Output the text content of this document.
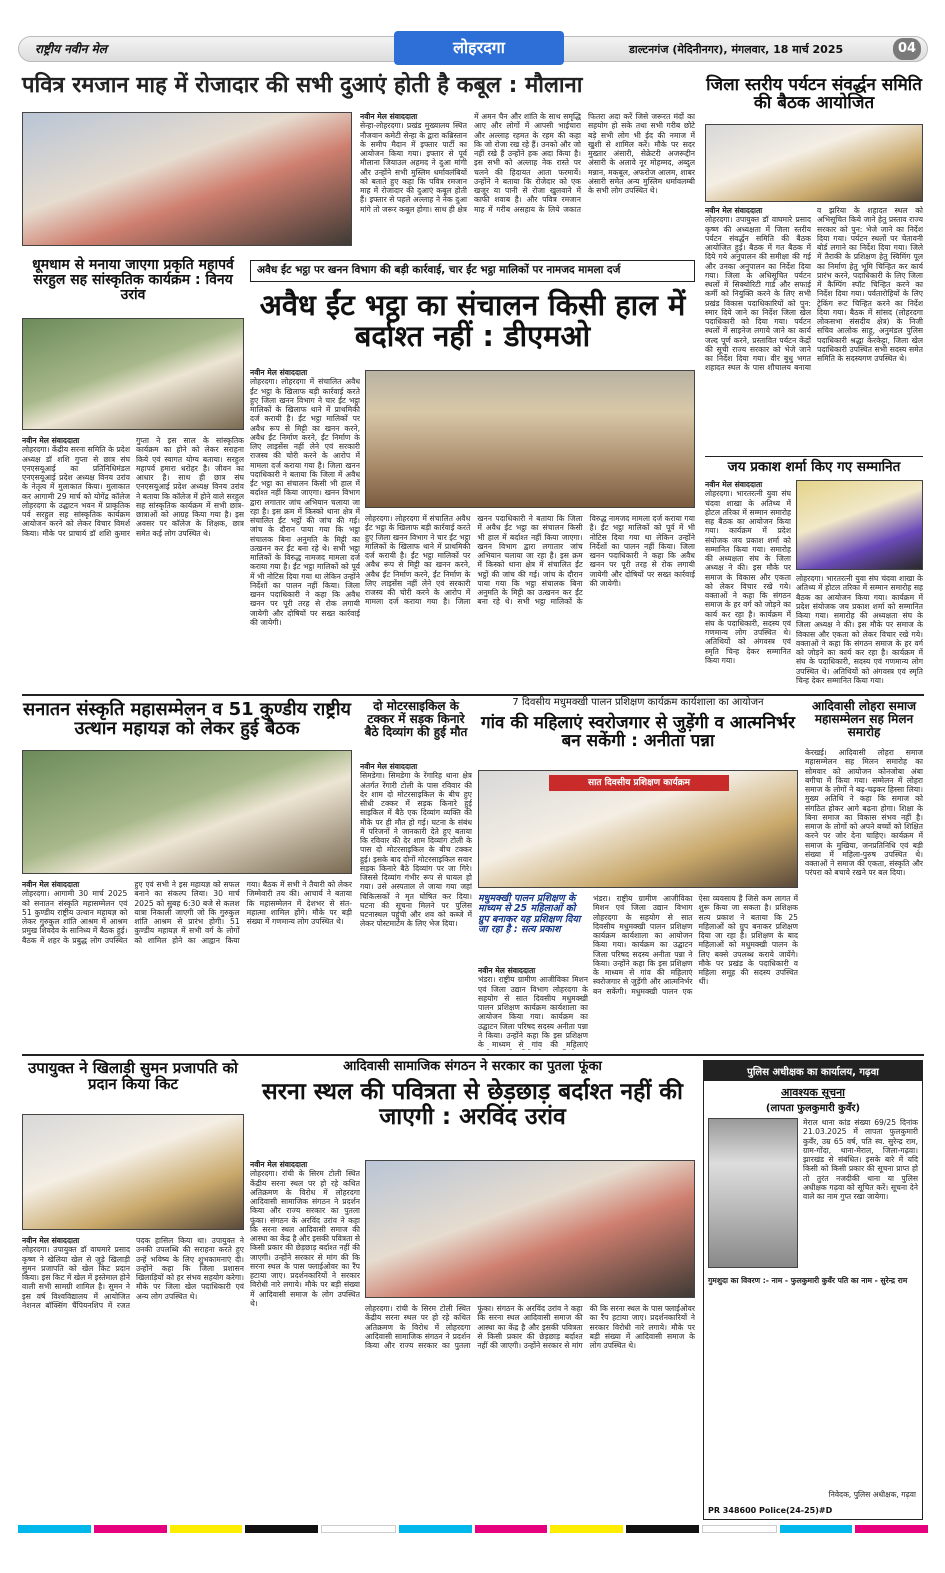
राष्ट्रीय नवीन मेल	लोहरदगा	डाल्टनगंज (मेदिनीनगर), मंगलवार, 18 मार्च 2025	04
पवित्र रमजान माह में रोजादार की सभी दुआएं होती है कबूल : मौलाना
नवीन मेल संवाददाता
सेन्हा-लोहरदगा। प्रखंड मुख्यालय स्थित नौजवान कमेटी सेन्हा के द्वारा कब्रिस्तान के समीप मैदान में इफ्तार पार्टी का आयोजन किया गया। इफ्तार से पूर्व मौलाना जियाउल अहमद ने दुआ मांगी और उन्होंने सभी मुस्लिम धर्मावलंबियों को बताते हुए कहा कि पवित्र रमजान माह में रोजादार की दुआएं कबूल होती हैं। इफ्तार से पहले अल्लाह ने नेक दुआ मांगे तो जरूर कबूल होगा। साथ ही क्षेत्र में अमन चैन और शांति के साथ समृद्धि आए और लोगों में आपसी भाईचारा और अल्लाह रहमत के रहम की कहा कि जो रोजा रख रहे हैं। उनको और जो नहीं रखे हैं उन्होंने हक अदा किया है। इस सभी को अल्लाह नेक रास्ते पर चलने की हिदायत आता फरमायें। उन्होंने ने बताया कि रोजेदार को एक खजूर या पानी से रोजा खुलवाने में काफी शवाब है। और पवित्र रमजान माह में गरीब असहाय के लिये जकात फितरा अदा करें जिसे जरूरत मंदों का सहयोग हो सके तथा सभी गरीब छोटे बड़े सभी लोग भी ईद की नमाज में खुशी से शामिल करें। मौके पर सदर मुख्तार अंसारी, सेक्रेटरी अजरूद्दीन अंसारी के अलावे नूर मोहम्मद, अब्दुल मन्नान, मकबूल, अफरोज आलम, शाबर अंसारी समेत अन्य मुस्लिम धर्मावलम्बी के सभी लोग उपस्थित थे।
जिला स्तरीय पर्यटन संवर्द्धन समिति की बैठक आयोजित
नवीन मेल संवाददाता
लोहरदगा। उपायुक्त डॉ वाघमारे प्रसाद कृष्ण की अध्यक्षता में जिला स्तरीय पर्यटन संवर्द्धन समिति की बैठक आयोजित हुई। बैठक में गत बैठक में दिये गये अनुपालन की समीक्षा की गई और उनका अनुपालन का निर्देश दिया गया। जिला के अधिसूचित पर्यटन स्थलों में सिक्योरिटी गार्ड और सफाई कर्मी को नियुक्ति करने के लिए सभी प्रखंड विकास पदाधिकारियों को पुन: स्मार दिये जाने का निर्देश जिला खेल पदाधिकारी को दिया गया। पर्यटन स्थलों में साइनेज लगाये जाने का कार्य जल्द पूर्ण करने, प्रस्तावित पर्यटन केंद्रों की सूची राज्य सरकार को भेजे जाने का निर्देश दिया गया। वीर बुधु भगत शहादत स्थल के पास शौचालय बनाया व झरिया के शहादत स्थल को अभिसूचित किये जाने हेतु प्रस्ताव राज्य सरकार को पुन: भेजे जाने का निर्देश दिया गया। पर्यटन स्थलों पर चेतावनी बोर्ड लगाने का निर्देश दिया गया। जिले में तैराकी के प्रशिक्षण हेतु स्विमिंग पूल का निर्माण हेतु भूमि चिन्हित कर कार्य प्रारंभ करने, पदाधिकारी के लिए जिला में कैम्पिंग स्पॉट चिन्हित करने का निर्देश दिया गया। पर्वतारोहियों के लिए ट्रेकिंग रूट चिन्हित करने का निर्देश दिया गया। बैठक में सांसद (लोहरदगा लोकसभा संसदीय क्षेत्र) के निजी सचिव आलोक साहू, अनुमंडल पुलिस पदाधिकारी श्रद्धा केरकेट्टा, जिला खेल पदाधिकारी उपस्थित सभी सदस्य समेत समिति के सदस्यगण उपस्थित थे।
धूमधाम से मनाया जाएगा प्रकृति महापर्व सरहुल सह सांस्कृतिक कार्यक्रम : विनय उरांव
नवीन मेल संवाददाता
लोहरदगा। केंद्रीय सरना समिति के प्रदेश अध्यक्ष डॉ शशि गुप्ता से छात्र संघ एनएसयूआई का प्रतिनिधिमंडल एनएसयूआई प्रदेश अध्यक्ष विनय उरांव के नेतृत्व में मुलाकात किया। मुलाकात कर आगामी 29 मार्च को योगेंद्र कॉलेज लोहरदगा के उद्घाटन भवन में प्राकृतिक पर्व सरहुल सह सांस्कृतिक कार्यक्रम आयोजन करने को लेकर विचार विमर्श किया। मौके पर प्राचार्य डॉ शशि कुमार गुप्ता ने इस साल के सांस्कृतिक कार्यक्रम का होने को लेकर सराहना किये एवं स्वागत योग्य बताया। सरहुल महापर्व हमारा धरोहर है। जीवन का आधार है। साथ ही छात्र संघ एनएसयूआई प्रदेश अध्यक्ष विनय उरांव ने बताया कि कॉलेज में होने वाले सरहुल सह सांस्कृतिक कार्यक्रम में सभी छात्र-छात्राओं को आग्रह किया गया है। इस अवसर पर कॉलेज के शिक्षक, छात्र समेत कई लोग उपस्थित थे।
अवैध ईंट भट्ठा पर खनन विभाग की बड़ी कार्रवाई, चार ईंट भट्ठा मालिकों पर नामजद मामला दर्ज
अवैध ईंट भट्ठा का संचालन किसी हाल में बर्दाश्त नहीं : डीएमओ
नवीन मेल संवाददाता
लोहरदगा। लोहरदगा में संचालित अवैध ईंट भट्ठा के खिलाफ बड़ी कार्रवाई करते हुए जिला खनन विभाग ने चार ईंट भट्ठा मालिकों के खिलाफ थाने में प्राथमिकी दर्ज करायी है। ईंट भट्ठा मालिकों पर अवैध रूप से मिट्टी का खनन करने, अवैध ईंट निर्माण करने, ईंट निर्माण के लिए लाइसेंस नहीं लेने एवं सरकारी राजस्व की चोरी करने के आरोप में मामला दर्ज कराया गया है। जिला खनन पदाधिकारी ने बताया कि जिला में अवैध ईंट भट्ठा का संचालन किसी भी हाल में बर्दाश्त नहीं किया जाएगा। खनन विभाग द्वारा लगातार जांच अभियान चलाया जा रहा है। इस क्रम में किस्को थाना क्षेत्र में संचालित ईंट भट्ठों की जांच की गई। जांच के दौरान पाया गया कि भट्ठा संचालक बिना अनुमति के मिट्टी का उत्खनन कर ईंट बना रहे थे। सभी भट्ठा मालिकों के विरुद्ध नामजद मामला दर्ज कराया गया है। ईंट भट्ठा मालिकों को पूर्व में भी नोटिस दिया गया था लेकिन उन्होंने निर्देशों का पालन नहीं किया। जिला खनन पदाधिकारी ने कहा कि अवैध खनन पर पूरी तरह से रोक लगायी जायेगी और दोषियों पर सख्त कार्रवाई की जायेगी।
लोहरदगा। लोहरदगा में संचालित अवैध ईंट भट्ठा के खिलाफ बड़ी कार्रवाई करते हुए जिला खनन विभाग ने चार ईंट भट्ठा मालिकों के खिलाफ थाने में प्राथमिकी दर्ज करायी है। ईंट भट्ठा मालिकों पर अवैध रूप से मिट्टी का खनन करने, अवैध ईंट निर्माण करने, ईंट निर्माण के लिए लाइसेंस नहीं लेने एवं सरकारी राजस्व की चोरी करने के आरोप में मामला दर्ज कराया गया है। जिला खनन पदाधिकारी ने बताया कि जिला में अवैध ईंट भट्ठा का संचालन किसी भी हाल में बर्दाश्त नहीं किया जाएगा। खनन विभाग द्वारा लगातार जांच अभियान चलाया जा रहा है। इस क्रम में किस्को थाना क्षेत्र में संचालित ईंट भट्ठों की जांच की गई। जांच के दौरान पाया गया कि भट्ठा संचालक बिना अनुमति के मिट्टी का उत्खनन कर ईंट बना रहे थे। सभी भट्ठा मालिकों के विरुद्ध नामजद मामला दर्ज कराया गया है। ईंट भट्ठा मालिकों को पूर्व में भी नोटिस दिया गया था लेकिन उन्होंने निर्देशों का पालन नहीं किया। जिला खनन पदाधिकारी ने कहा कि अवैध खनन पर पूरी तरह से रोक लगायी जायेगी और दोषियों पर सख्त कार्रवाई की जायेगी।
जय प्रकाश शर्मा किए गए सम्मानित
नवीन मेल संवाददाता
लोहरदगा। भारतरत्नी युवा संघ चंदवा शाखा के अतिथ्य में होटल तरिका में सम्मान समारोह सह बैठक का आयोजन किया गया। कार्यक्रम में प्रदेश संयोजक जय प्रकाश शर्मा को सम्मानित किया गया। समारोह की अध्यक्षता संघ के जिला अध्यक्ष ने की। इस मौके पर समाज के विकास और एकता को लेकर विचार रखे गये। वक्ताओं ने कहा कि संगठन समाज के हर वर्ग को जोड़ने का कार्य कर रहा है। कार्यक्रम में संघ के पदाधिकारी, सदस्य एवं गणमान्य लोग उपस्थित थे। अतिथियों को अंगवस्त्र एवं स्मृति चिन्ह देकर सम्मानित किया गया।
लोहरदगा। भारतरत्नी युवा संघ चंदवा शाखा के अतिथ्य में होटल तरिका में सम्मान समारोह सह बैठक का आयोजन किया गया। कार्यक्रम में प्रदेश संयोजक जय प्रकाश शर्मा को सम्मानित किया गया। समारोह की अध्यक्षता संघ के जिला अध्यक्ष ने की। इस मौके पर समाज के विकास और एकता को लेकर विचार रखे गये। वक्ताओं ने कहा कि संगठन समाज के हर वर्ग को जोड़ने का कार्य कर रहा है। कार्यक्रम में संघ के पदाधिकारी, सदस्य एवं गणमान्य लोग उपस्थित थे। अतिथियों को अंगवस्त्र एवं स्मृति चिन्ह देकर सम्मानित किया गया।
सनातन संस्कृति महासम्मेलन व 51 कुण्डीय राष्ट्रीय उत्थान महायज्ञ को लेकर हुई बैठक
नवीन मेल संवाददाता
लोहरदगा। आगामी 30 मार्च 2025 को सनातन संस्कृति महासम्मेलन एवं 51 कुण्डीय राष्ट्रीय उत्थान महायज्ञ को लेकर गुरुकुल शांति आश्रम में आश्रम प्रमुख शिवदेव के सानिध्य में बैठक हुई। बैठक में शहर के प्रबुद्ध लोग उपस्थित हुए एवं सभी ने इस महायज्ञ को सफल बनाने का संकल्प लिया। 30 मार्च 2025 को सुबह 6:30 बजे से कलश यात्रा निकाली जाएगी जो कि गुरुकुल शांति आश्रम से प्रारंभ होगी। 51 कुण्डीय महायज्ञ में सभी वर्ग के लोगों को शामिल होने का आह्वान किया गया। बैठक में सभी ने तैयारी को लेकर जिम्मेवारी तय की। आचार्य ने बताया कि महासम्मेलन में देशभर से संत-महात्मा शामिल होंगे। मौके पर बड़ी संख्या में गणमान्य लोग उपस्थित थे।
दो मोटरसाइकिल के टक्कर में सड़क किनारे बैठे दिव्यांग की हुई मौत
नवीन मेल संवाददाता
सिमडेगा। सिमडेगा के रेंगारिह थाना क्षेत्र अंतर्गत रेंगारी टोली के पास रविवार की देर शाम दो मोटरसाइकिल के बीच हुए सीधी टक्कर में सड़क किनारे हुई साइकिल में बैठे एक दिव्यांग व्यक्ति की मौके पर ही मौत हो गई। घटना के संबंध में परिजनों ने जानकारी देते हुए बताया कि रविवार की देर शाम दिव्यांग टोली के पास दो मोटरसाइकिल के बीच टक्कर हुई। इसके बाद दोनों मोटरसाइकिल सवार सड़क किनारे बैठे दिव्यांग पर जा गिरे। जिससे दिव्यांग गंभीर रूप से घायल हो गया। उसे अस्पताल ले जाया गया जहां चिकित्सकों ने मृत घोषित कर दिया। घटना की सूचना मिलने पर पुलिस घटनास्थल पहुंची और शव को कब्जे में लेकर पोस्टमार्टम के लिए भेज दिया।
7 दिवसीय मधुमक्खी पालन प्रशिक्षण कार्यक्रम कार्यशाला का आयोजन
गांव की महिलाएं स्वरोजगार से जुड़ेंगी व आत्मनिर्भर बन सकेंगी : अनीता पन्ना
सात दिवसीय प्रशिक्षण कार्यक्रम
मधुमक्खी पालन प्रशिक्षण के माध्यम से 25 महिलाओं को ग्रुप बनाकर यह प्रशिक्षण दिया जा रहा है : सत्य प्रकाश
नवीन मेल संवाददाता
भंडरा। राष्ट्रीय ग्रामीण आजीविका मिशन एवं जिला उद्यान विभाग लोहरदगा के सहयोग से सात दिवसीय मधुमक्खी पालन प्रशिक्षण कार्यक्रम कार्यशाला का आयोजन किया गया। कार्यक्रम का उद्घाटन जिला परिषद सदस्य अनीता पन्ना ने किया। उन्होंने कहा कि इस प्रशिक्षण के माध्यम से गांव की महिलाएं
भंडरा। राष्ट्रीय ग्रामीण आजीविका मिशन एवं जिला उद्यान विभाग लोहरदगा के सहयोग से सात दिवसीय मधुमक्खी पालन प्रशिक्षण कार्यक्रम कार्यशाला का आयोजन किया गया। कार्यक्रम का उद्घाटन जिला परिषद सदस्य अनीता पन्ना ने किया। उन्होंने कहा कि इस प्रशिक्षण के माध्यम से गांव की महिलाएं स्वरोजगार से जुड़ेंगी और आत्मनिर्भर बन सकेंगी। मधुमक्खी पालन एक ऐसा व्यवसाय है जिसे कम लागत में शुरू किया जा सकता है। प्रशिक्षक सत्य प्रकाश ने बताया कि 25 महिलाओं को ग्रुप बनाकर प्रशिक्षण दिया जा रहा है। प्रशिक्षण के बाद महिलाओं को मधुमक्खी पालन के लिए बक्से उपलब्ध कराये जायेंगे। मौके पर प्रखंड के पदाधिकारी व महिला समूह की सदस्य उपस्थित थीं।
आदिवासी लोहरा समाज महासम्मेलन सह मिलन समारोह
केरखई। आदिवासी लोहरा समाज महासम्मेलन सह मिलन समारोह का सोमवार को आयोजन कोनजोबा अंबा बगीचा में किया गया। सम्मेलन में लोहरा समाज के लोगों ने बढ़-चढ़कर हिस्सा लिया। मुख्य अतिथि ने कहा कि समाज को संगठित होकर आगे बढ़ना होगा। शिक्षा के बिना समाज का विकास संभव नहीं है। समाज के लोगों को अपने बच्चों को शिक्षित करने पर जोर देना चाहिए। कार्यक्रम में समाज के मुखिया, जनप्रतिनिधि एवं बड़ी संख्या में महिला-पुरुष उपस्थित थे। वक्ताओं ने समाज की एकता, संस्कृति और परंपरा को बचाये रखने पर बल दिया।
उपायुक्त ने खिलाड़ी सुमन प्रजापति को प्रदान किया किट
नवीन मेल संवाददाता
लोहरदगा। उपायुक्त डॉ वाघमारे प्रसाद कृष्ण ने खेलिया खेल से जुड़े खिलाड़ी सुमन प्रजापति को खेल किट प्रदान किया। इस किट में खेल में इस्तेमाल होने वाली सभी सामग्री शामिल है। सुमन ने इस वर्ष विश्वविद्यालय में आयोजित नेशनल बॉक्सिंग चैंपियनशिप में रजत पदक हासिल किया था। उपायुक्त ने उनकी उपलब्धि की सराहना करते हुए उन्हें भविष्य के लिए शुभकामनाएं दी। उन्होंने कहा कि जिला प्रशासन खिलाड़ियों को हर संभव सहयोग करेगा। मौके पर जिला खेल पदाधिकारी एवं अन्य लोग उपस्थित थे।
आदिवासी सामाजिक संगठन ने सरकार का पुतला फूंका
सरना स्थल की पवित्रता से छेड़छाड़ बर्दाश्त नहीं की जाएगी : अरविंद उरांव
नवीन मेल संवाददाता
लोहरदगा। रांची के सिरम टोली स्थित केंद्रीय सरना स्थल पर हो रहे कथित अतिक्रमण के विरोध में लोहरदगा आदिवासी सामाजिक संगठन ने प्रदर्शन किया और राज्य सरकार का पुतला फूंका। संगठन के अरविंद उरांव ने कहा कि सरना स्थल आदिवासी समाज की आस्था का केंद्र है और इसकी पवित्रता से किसी प्रकार की छेड़छाड़ बर्दाश्त नहीं की जाएगी। उन्होंने सरकार से मांग की कि सरना स्थल के पास फ्लाईओवर का रैंप हटाया जाए। प्रदर्शनकारियों ने सरकार विरोधी नारे लगाये। मौके पर बड़ी संख्या में आदिवासी समाज के लोग उपस्थित थे।
लोहरदगा। रांची के सिरम टोली स्थित केंद्रीय सरना स्थल पर हो रहे कथित अतिक्रमण के विरोध में लोहरदगा आदिवासी सामाजिक संगठन ने प्रदर्शन किया और राज्य सरकार का पुतला फूंका। संगठन के अरविंद उरांव ने कहा कि सरना स्थल आदिवासी समाज की आस्था का केंद्र है और इसकी पवित्रता से किसी प्रकार की छेड़छाड़ बर्दाश्त नहीं की जाएगी। उन्होंने सरकार से मांग की कि सरना स्थल के पास फ्लाईओवर का रैंप हटाया जाए। प्रदर्शनकारियों ने सरकार विरोधी नारे लगाये। मौके पर बड़ी संख्या में आदिवासी समाज के लोग उपस्थित थे।
पुलिस अधीक्षक का कार्यालय, गढ़वा
आवश्यक सूचना
(लापता फुलकुमारी कुवँर)
मेराल थाना कांड संख्या 69/25 दिनांक 21.03.2025 में लापता फुलकुमारी कुवँर, उम्र 65 वर्ष, पति स्व. सुरेन्द्र राम, ग्राम-गोंदा, थाना-मेराल, जिला-गढ़वा। झारखंड से संबंधित। इसके बारे में यदि किसी को किसी प्रकार की सूचना प्राप्त हो तो तुरंत नजदीकी थाना या पुलिस अधीक्षक गढ़वा को सूचित करें। सूचना देने वाले का नाम गुप्त रखा जायेगा।
गुमशुदा का विवरण :- नाम - फुलकुमारी कुवँर पति का नाम - सुरेन्द्र राम
निवेदक, पुलिस अधीक्षक, गढ़वा
PR 348600 Police(24-25)#D
